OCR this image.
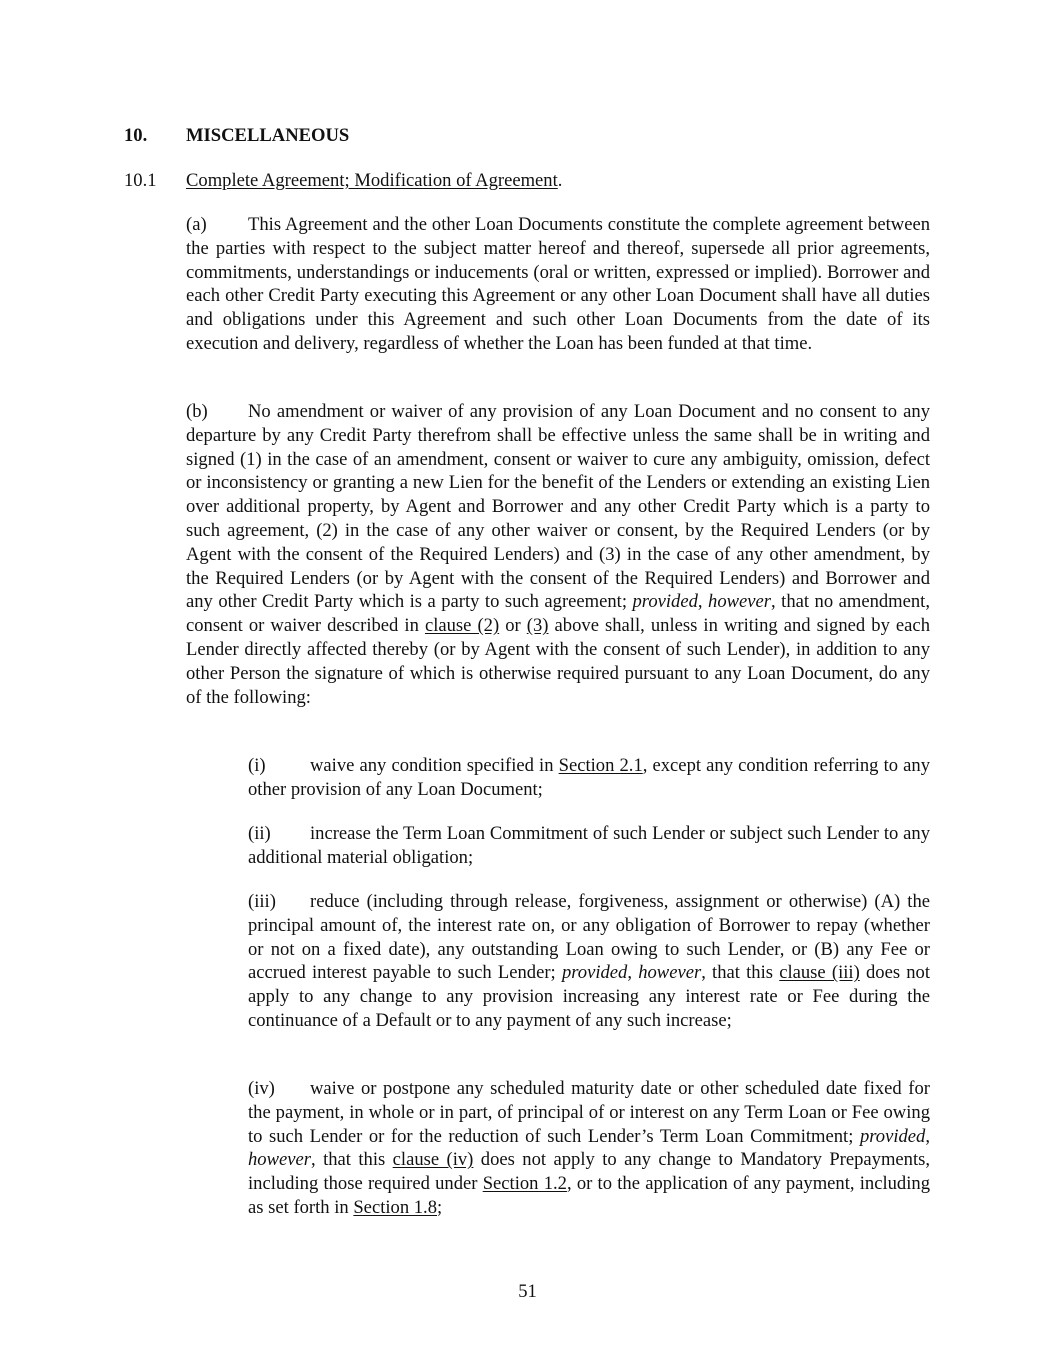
10.	MISCELLANEOUS
10.1	Complete Agreement; Modification of Agreement.

(a) This Agreement and the other Loan Documents constitute the complete agreement between the parties with respect to the subject matter hereof and thereof, supersede all prior agreements, commitments, understandings or inducements (oral or written, expressed or implied). Borrower and each other Credit Party executing this Agreement or any other Loan Document shall have all duties and obligations under this Agreement and such other Loan Documents from the date of its execution and delivery, regardless of whether the Loan has been funded at that time.

(b) No amendment or waiver of any provision of any Loan Document and no consent to any departure by any Credit Party therefrom shall be effective unless the same shall be in writing and signed (1) in the case of an amendment, consent or waiver to cure any ambiguity, omission, defect or inconsistency or granting a new Lien for the benefit of the Lenders or extending an existing Lien over additional property, by Agent and Borrower and any other Credit Party which is a party to such agreement, (2) in the case of any other waiver or consent, by the Required Lenders (or by Agent with the consent of the Required Lenders) and (3) in the case of any other amendment, by the Required Lenders (or by Agent with the consent of the Required Lenders) and Borrower and any other Credit Party which is a party to such agreement; provided, however, that no amendment, consent or waiver described in clause (2) or (3) above shall, unless in writing and signed by each Lender directly affected thereby (or by Agent with the consent of such Lender), in addition to any other Person the signature of which is otherwise required pursuant to any Loan Document, do any of the following:

(i) waive any condition specified in Section 2.1, except any condition referring to any other provision of any Loan Document;

(ii) increase the Term Loan Commitment of such Lender or subject such Lender to any additional material obligation;

(iii) reduce (including through release, forgiveness, assignment or otherwise) (A) the principal amount of, the interest rate on, or any obligation of Borrower to repay (whether or not on a fixed date), any outstanding Loan owing to such Lender, or (B) any Fee or accrued interest payable to such Lender; provided, however, that this clause (iii) does not apply to any change to any provision increasing any interest rate or Fee during the continuance of a Default or to any payment of any such increase;

(iv) waive or postpone any scheduled maturity date or other scheduled date fixed for the payment, in whole or in part, of principal of or interest on any Term Loan or Fee owing to such Lender or for the reduction of such Lender’s Term Loan Commitment; provided, however, that this clause (iv) does not apply to any change to Mandatory Prepayments, including those required under Section 1.2, or to the application of any payment, including as set forth in Section 1.8;

51
